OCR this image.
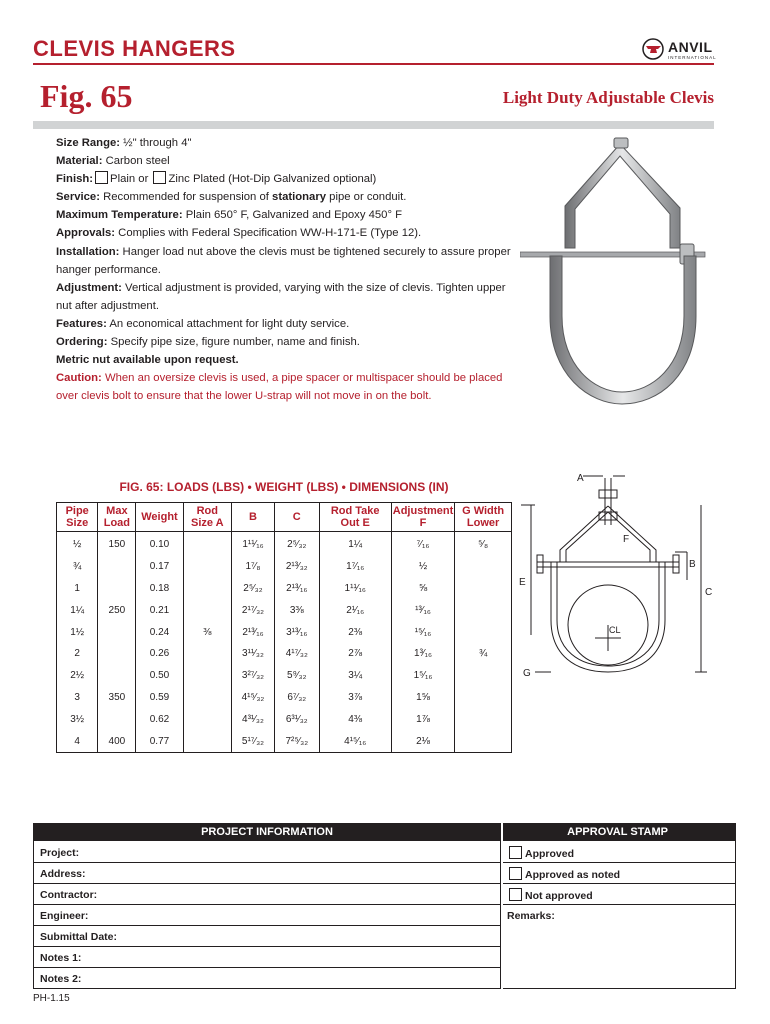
CLEVIS HANGERS	ANVIL
INTERNATIONAL
Fig. 65	Light Duty Adjustable Clevis

Size Range: ½" through 4"

Material: Carbon steel

Finish: Plain or Zinc Plated (Hot-Dip Galvanized optional)

Service: Recommended for suspension of stationary pipe or conduit.

Maximum Temperature: Plain 650° F, Galvanized and Epoxy 450° F

Approvals: Complies with Federal Specification WW-H-171-E (Type 12).

Installation: Hanger load nut above the clevis must be tightened securely to assure proper hanger performance.

Adjustment: Vertical adjustment is provided, varying with the size of clevis. Tighten upper nut after adjustment.

Features: An economical attachment for light duty service.

Ordering: Specify pipe size, figure number, name and finish.

Metric nut available upon request.

Caution: When an oversize clevis is used, a pipe spacer or multispacer should be placed over clevis bolt to ensure that the lower U-strap will not move in on the bolt.

FIG. 65: LOADS (LBS) • WEIGHT (LBS) • DIMENSIONS (IN)
Pipe Size	Max Load	Weight	Rod Size A	B	C	Rod Take Out E	Adjustment F	G Width Lower
½	150	0.10		1¹¹⁄₁₆	2⁵⁄₃₂	1¼	⁷⁄₁₆	⁵⁄₈
¾		0.17		1⁷⁄₈	2¹³⁄₃₂	1⁷⁄₁₆	½	
1		0.18		2⁵⁄₃₂	2¹³⁄₁₆	1¹¹⁄₁₆	⅝	
1¼	250	0.21		2¹⁷⁄₃₂	3⅜	2¹⁄₁₆	¹³⁄₁₆	
1½		0.24	⅜	2¹³⁄₁₆	3¹³⁄₁₆	2⅜	¹⁵⁄₁₆	
2		0.26		3¹¹⁄₃₂	4¹⁷⁄₃₂	2⅞	1³⁄₁₆	¾
2½		0.50		3²⁷⁄₃₂	5⁹⁄₃₂	3¼	1⁵⁄₁₆	
3	350	0.59		4¹⁵⁄₃₂	6⁷⁄₃₂	3⅞	1⅝	
3½		0.62		4³¹⁄₃₂	6³¹⁄₃₂	4⅜	1⅞	
4	400	0.77		5¹⁷⁄₃₂	7²⁵⁄₃₂	4¹⁵⁄₁₆	2⅛	
A
F
B
E
C
CL
G
PROJECT INFORMATION	APPROVAL STAMP
Project:
Address:
Contractor:
Engineer:
Submittal Date:
Notes 1:
Notes 2:
Approved
Approved as noted
Not approved
Remarks:
PH-1.15
